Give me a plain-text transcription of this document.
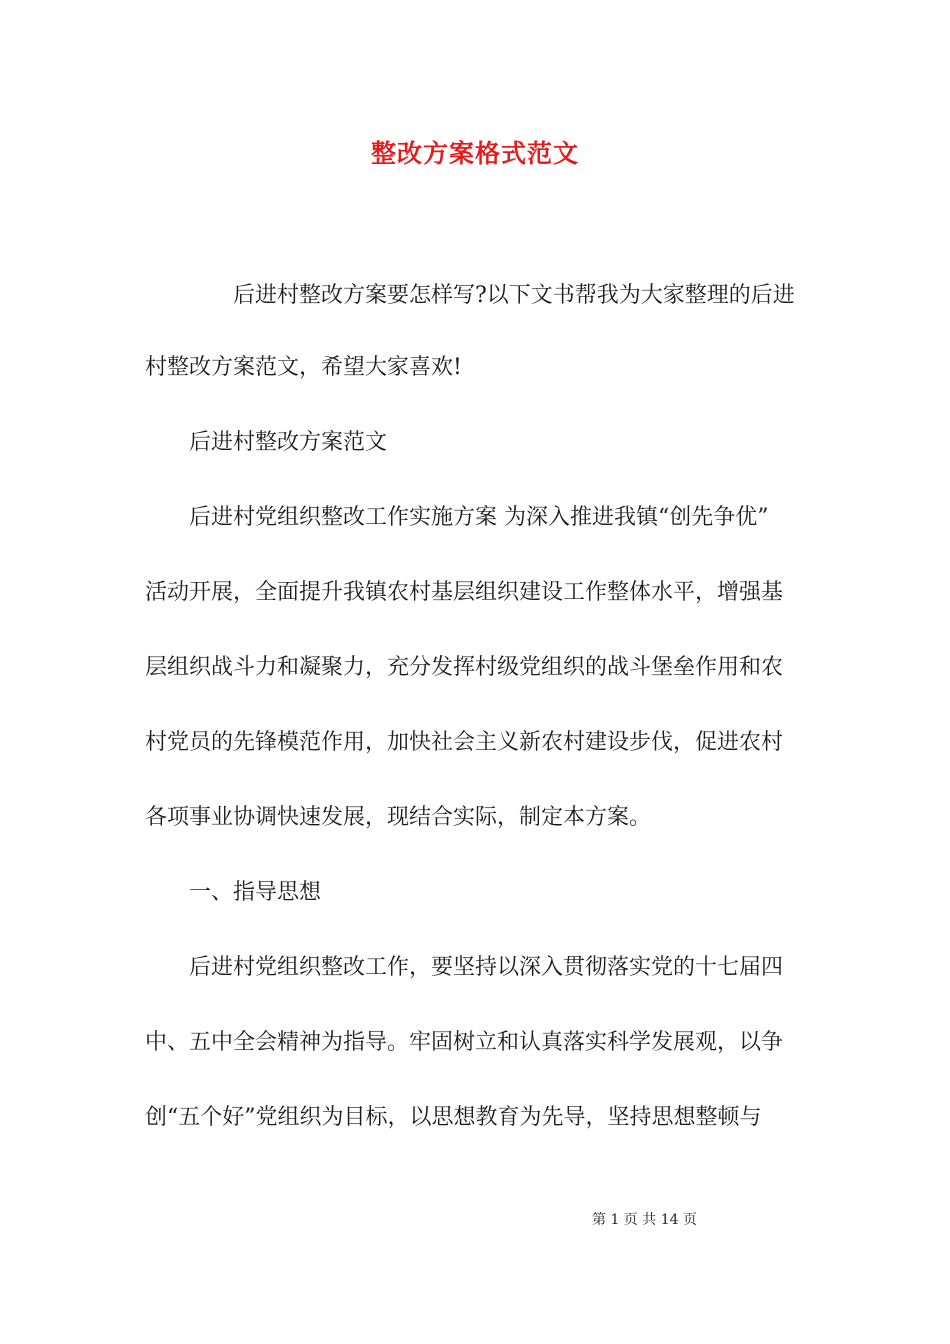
整改方案格式范文
后进村整改方案要怎样写?以下文书帮我为大家整理的后进
村整改方案范文，希望大家喜欢!
后进村整改方案范文
后进村党组织整改工作实施方案 为深入推进我镇“创先争优”
活动开展，全面提升我镇农村基层组织建设工作整体水平，增强基
层组织战斗力和凝聚力，充分发挥村级党组织的战斗堡垒作用和农
村党员的先锋模范作用，加快社会主义新农村建设步伐，促进农村
各项事业协调快速发展，现结合实际，制定本方案。
一、指导思想
后进村党组织整改工作，要坚持以深入贯彻落实党的十七届四
中、五中全会精神为指导。牢固树立和认真落实科学发展观，以争
创“五个好”党组织为目标，以思想教育为先导，坚持思想整顿与
第 1 页 共 14 页
